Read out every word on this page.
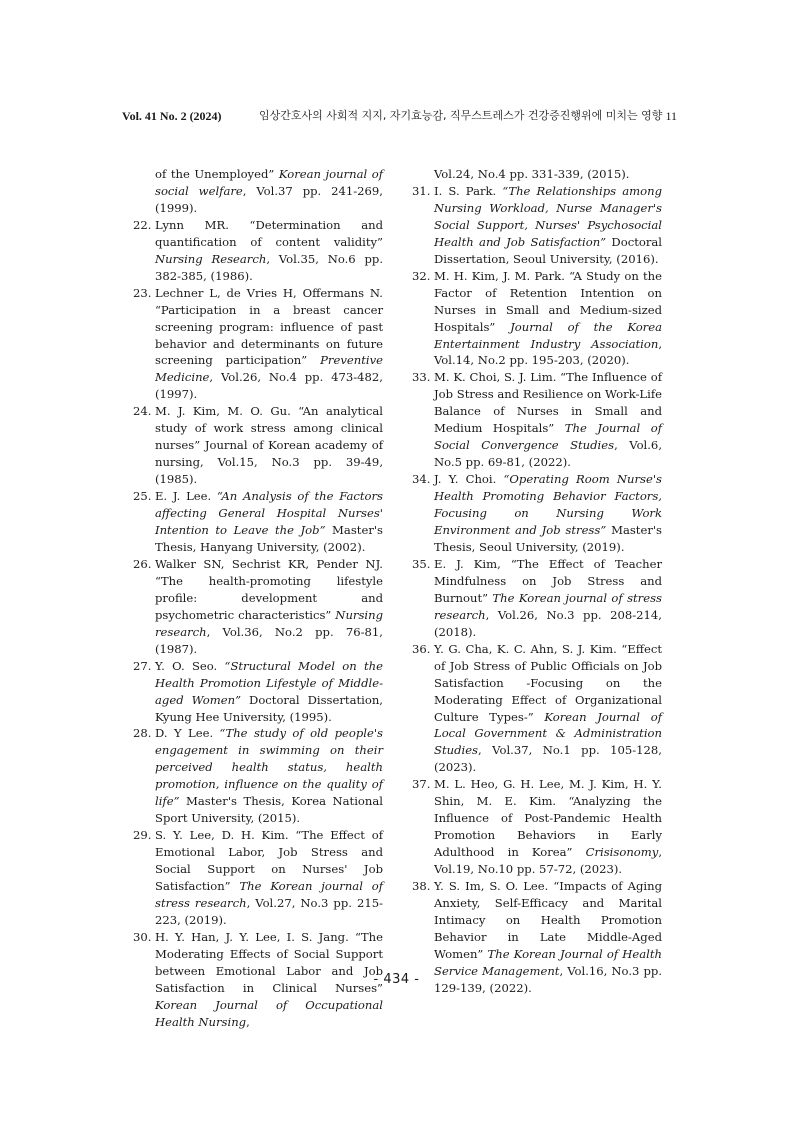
Vol. 41 No. 2 (2024)	임상간호사의 사회적 지지, 자기효능감, 직무스트레스가 건강증진행위에 미치는 영향 11

of the Unemployed” Korean journal of social welfare, Vol.37 pp. 241-269, (1999).

22. Lynn MR. “Determination and quantification of content validity” Nursing Research, Vol.35, No.6 pp. 382-385, (1986).

23. Lechner L, de Vries H, Offermans N. “Participation in a breast cancer screening program: influence of past behavior and determinants on future screening participation” Preventive Medicine, Vol.26, No.4 pp. 473-482, (1997).

24. M. J. Kim, M. O. Gu. “An analytical study of work stress among clinical nurses” Journal of Korean academy of nursing, Vol.15, No.3 pp. 39-49, (1985).

25. E. J. Lee. “An Analysis of the Factors affecting General Hospital Nurses' Intention to Leave the Job” Master's Thesis, Hanyang University, (2002).

26. Walker SN, Sechrist KR, Pender NJ. “The health-promoting lifestyle profile: development and psychometric characteristics” Nursing research, Vol.36, No.2 pp. 76-81, (1987).

27. Y. O. Seo. “Structural Model on the Health Promotion Lifestyle of Middle-aged Women” Doctoral Dissertation, Kyung Hee University, (1995).

28. D. Y Lee. “The study of old people's engagement in swimming on their perceived health status, health promotion, influence on the quality of life” Master's Thesis, Korea National Sport University, (2015).

29. S. Y. Lee, D. H. Kim. “The Effect of Emotional Labor, Job Stress and Social Support on Nurses' Job Satisfaction” The Korean journal of stress research, Vol.27, No.3 pp. 215-223, (2019).

30. H. Y. Han, J. Y. Lee, I. S. Jang. “The Moderating Effects of Social Support between Emotional Labor and Job Satisfaction in Clinical Nurses” Korean Journal of Occupational Health Nursing,

Vol.24, No.4 pp. 331-339, (2015).

31. I. S. Park. “The Relationships among Nursing Workload, Nurse Manager's Social Support, Nurses' Psychosocial Health and Job Satisfaction” Doctoral Dissertation, Seoul University, (2016).

32. M. H. Kim, J. M. Park. “A Study on the Factor of Retention Intention on Nurses in Small and Medium-sized Hospitals” Journal of the Korea Entertainment Industry Association, Vol.14, No.2 pp. 195-203, (2020).

33. M. K. Choi, S. J. Lim. “The Influence of Job Stress and Resilience on Work-Life Balance of Nurses in Small and Medium Hospitals” The Journal of Social Convergence Studies, Vol.6, No.5 pp. 69-81, (2022).

34. J. Y. Choi. “Operating Room Nurse's Health Promoting Behavior Factors, Focusing on Nursing Work Environment and Job stress” Master's Thesis, Seoul University, (2019).

35. E. J. Kim, “The Effect of Teacher Mindfulness on Job Stress and Burnout” The Korean journal of stress research, Vol.26, No.3 pp. 208-214, (2018).

36. Y. G. Cha, K. C. Ahn, S. J. Kim. “Effect of Job Stress of Public Officials on Job Satisfaction -Focusing on the Moderating Effect of Organizational Culture Types-” Korean Journal of Local Government & Administration Studies, Vol.37, No.1 pp. 105-128, (2023).

37. M. L. Heo, G. H. Lee, M. J. Kim, H. Y. Shin, M. E. Kim. “Analyzing the Influence of Post-Pandemic Health Promotion Behaviors in Early Adulthood in Korea” Crisisonomy, Vol.19, No.10 pp. 57-72, (2023).

38. Y. S. Im, S. O. Lee. “Impacts of Aging Anxiety, Self-Efficacy and Marital Intimacy on Health Promotion Behavior in Late Middle-Aged Women” The Korean Journal of Health Service Management, Vol.16, No.3 pp. 129-139, (2022).

- 434 -
